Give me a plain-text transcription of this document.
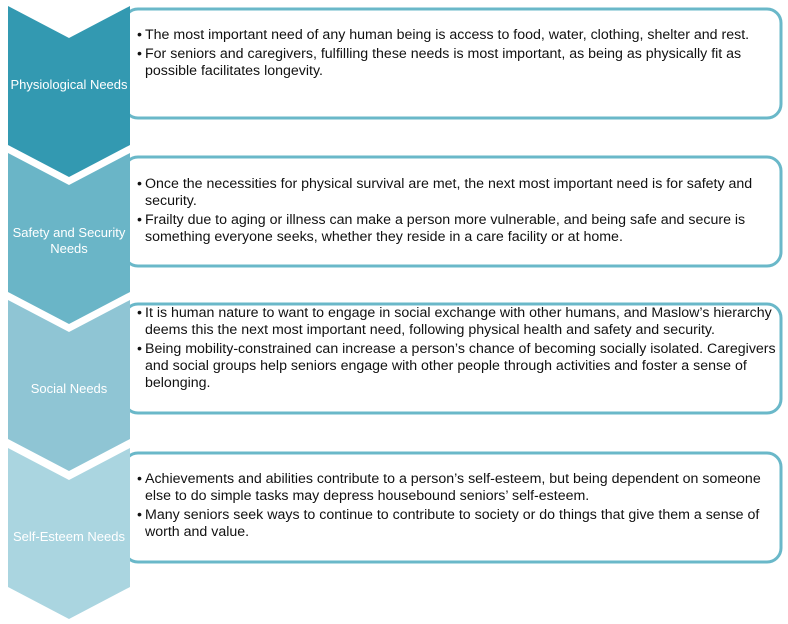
Physiological Needs
Safety and Security Needs
Social Needs
Self-Esteem Needs
• The most important need of any human being is access to food, water, clothing, shelter and rest.
• For seniors and caregivers, fulfilling these needs is most important, as being as physically fit as possible facilitates longevity.
• Once the necessities for physical survival are met, the next most important need is for safety and security.
• Frailty due to aging or illness can make a person more vulnerable, and being safe and secure is something everyone seeks, whether they reside in a care facility or at home.
• It is human nature to want to engage in social exchange with other humans, and Maslow’s hierarchy deems this the next most important need, following physical health and safety and security.
• Being mobility-constrained can increase a person’s chance of becoming socially isolated. Caregivers and social groups help seniors engage with other people through activities and foster a sense of belonging.
• Achievements and abilities contribute to a person’s self-esteem, but being dependent on someone else to do simple tasks may depress housebound seniors’ self-esteem.
• Many seniors seek ways to continue to contribute to society or do things that give them a sense of worth and value.
